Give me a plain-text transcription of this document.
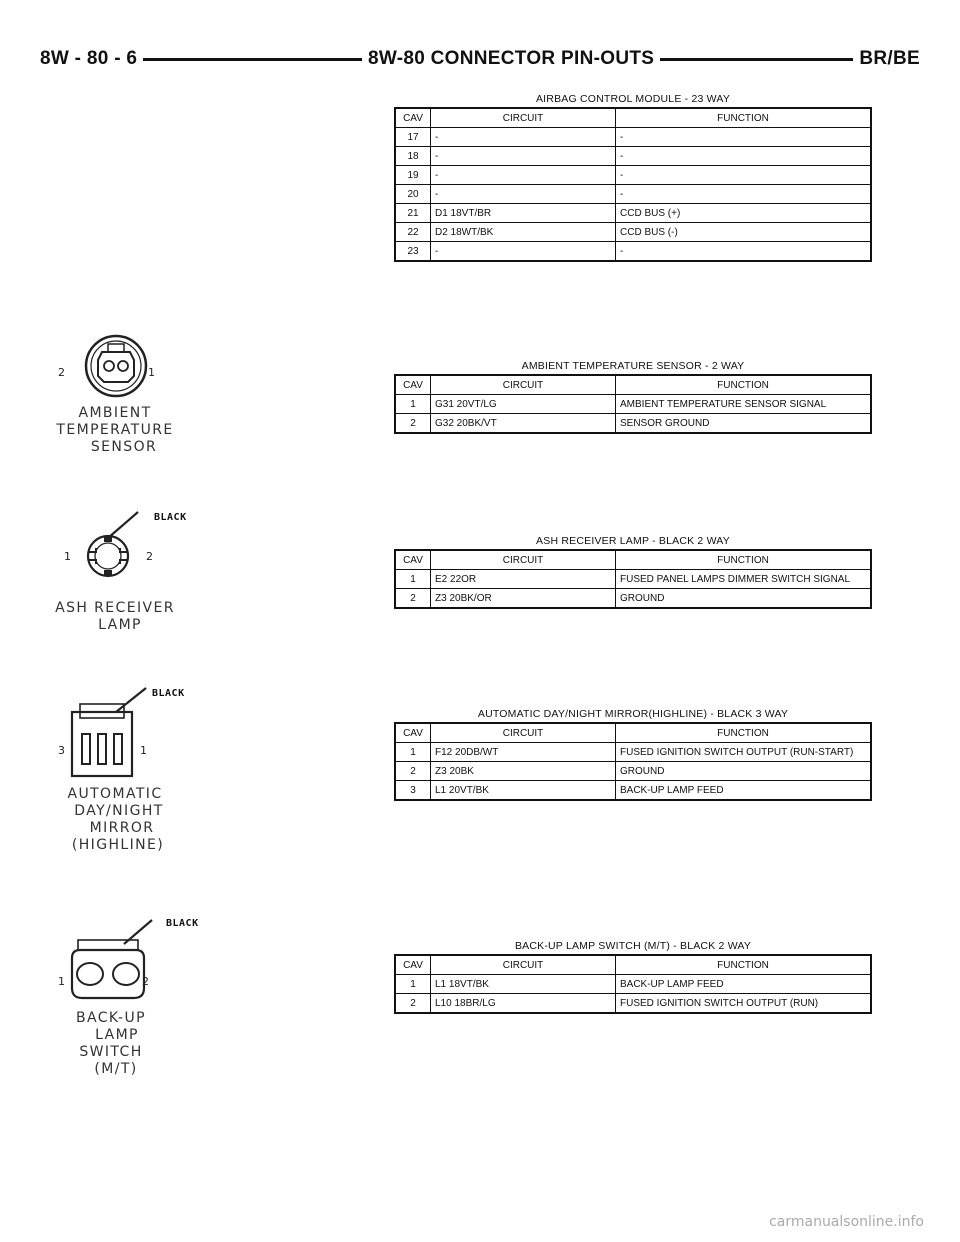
8W - 80 - 6	8W-80 CONNECTOR PIN-OUTS	BR/BE
AIRBAG CONTROL MODULE - 23 WAY
CAV	CIRCUIT	FUNCTION
17	-	-
18	-	-
19	-	-
20	-	-
21	D1 18VT/BR	CCD BUS (+)
22	D2 18WT/BK	CCD BUS (-)
23	-	-
AMBIENT TEMPERATURE SENSOR - 2 WAY
CAV	CIRCUIT	FUNCTION
1	G31 20VT/LG	AMBIENT TEMPERATURE SENSOR SIGNAL
2	G32 20BK/VT	SENSOR GROUND
ASH RECEIVER LAMP - BLACK 2 WAY
CAV	CIRCUIT	FUNCTION
1	E2 22OR	FUSED PANEL LAMPS DIMMER SWITCH SIGNAL
2	Z3 20BK/OR	GROUND
AUTOMATIC DAY/NIGHT MIRROR(HIGHLINE) - BLACK 3 WAY
CAV	CIRCUIT	FUNCTION
1	F12 20DB/WT	FUSED IGNITION SWITCH OUTPUT (RUN-START)
2	Z3 20BK	GROUND
3	L1 20VT/BK	BACK-UP LAMP FEED
BACK-UP LAMP SWITCH (M/T) - BLACK 2 WAY
CAV	CIRCUIT	FUNCTION
1	L1 18VT/BK	BACK-UP LAMP FEED
2	L10 18BR/LG	FUSED IGNITION SWITCH OUTPUT (RUN)
2	1
AMBIENT
TEMPERATURE
SENSOR
BLACK
1	2
ASH RECEIVER
LAMP
BLACK
3	1
AUTOMATIC
DAY/NIGHT
MIRROR
(HIGHLINE)
BLACK
1	2
BACK-UP
LAMP
SWITCH
(M/T)
carmanualsonline.info
